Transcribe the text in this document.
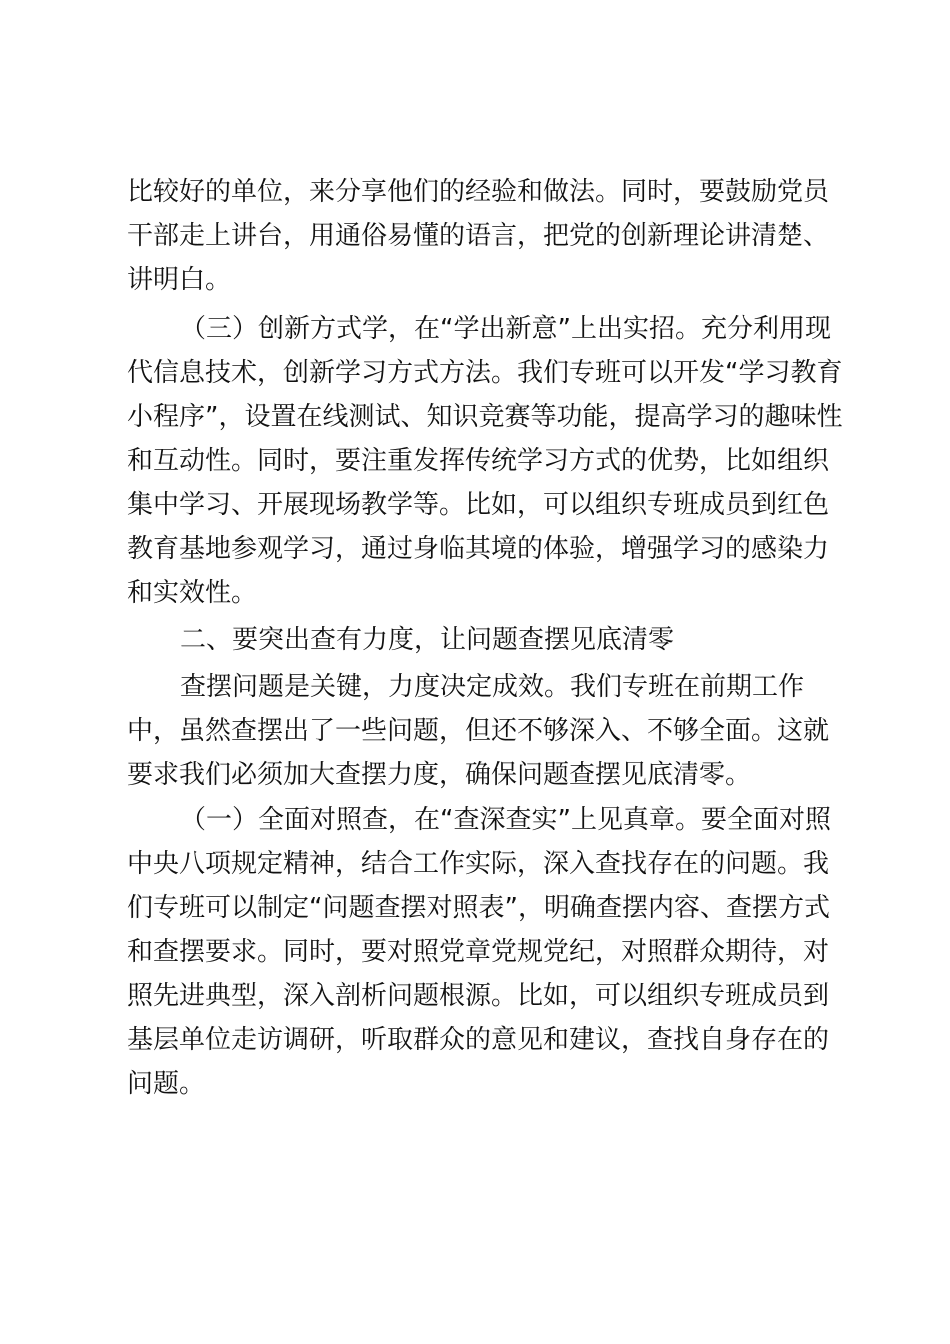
比较好的单位，来分享他们的经验和做法。同时，要鼓励党员
干部走上讲台，用通俗易懂的语言，把党的创新理论讲清楚、
讲明白。
（三）创新方式学，在“学出新意”上出实招。充分利用现
代信息技术，创新学习方式方法。我们专班可以开发“学习教育
小程序”，设置在线测试、知识竞赛等功能，提高学习的趣味性
和互动性。同时，要注重发挥传统学习方式的优势，比如组织
集中学习、开展现场教学等。比如，可以组织专班成员到红色
教育基地参观学习，通过身临其境的体验，增强学习的感染力
和实效性。
二、要突出查有力度，让问题查摆见底清零
查摆问题是关键，力度决定成效。我们专班在前期工作
中，虽然查摆出了一些问题，但还不够深入、不够全面。这就
要求我们必须加大查摆力度，确保问题查摆见底清零。
（一）全面对照查，在“查深查实”上见真章。要全面对照
中央八项规定精神，结合工作实际，深入查找存在的问题。我
们专班可以制定“问题查摆对照表”，明确查摆内容、查摆方式
和查摆要求。同时，要对照党章党规党纪，对照群众期待，对
照先进典型，深入剖析问题根源。比如，可以组织专班成员到
基层单位走访调研，听取群众的意见和建议，查找自身存在的
问题。
